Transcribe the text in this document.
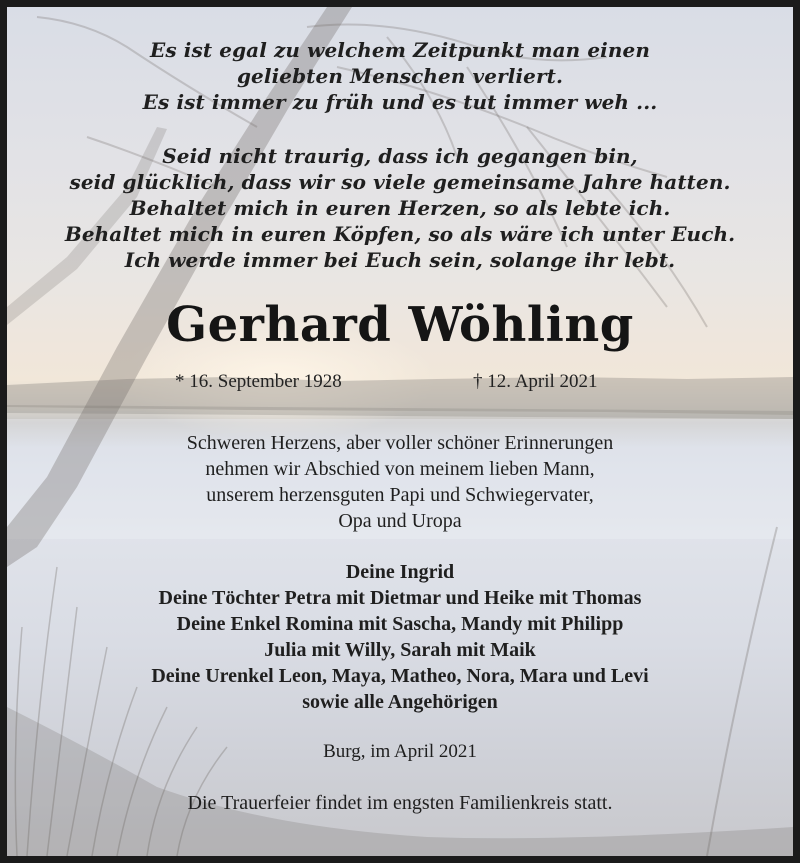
Es ist egal zu welchem Zeitpunkt man einen
geliebten Menschen verliert.
Es ist immer zu früh und es tut immer weh ...
Seid nicht traurig, dass ich gegangen bin,
seid glücklich, dass wir so viele gemeinsame Jahre hatten.
Behaltet mich in euren Herzen, so als lebte ich.
Behaltet mich in euren Köpfen, so als wäre ich unter Euch.
Ich werde immer bei Euch sein, solange ihr lebt.
Gerhard Wöhling
* 16. September 1928	† 12. April 2021
Schweren Herzens, aber voller schöner Erinnerungen
nehmen wir Abschied von meinem lieben Mann,
unserem herzensguten Papi und Schwiegervater,
Opa und Uropa
Deine Ingrid
Deine Töchter Petra mit Dietmar und Heike mit Thomas
Deine Enkel Romina mit Sascha, Mandy mit Philipp
Julia mit Willy, Sarah mit Maik
Deine Urenkel Leon, Maya, Matheo, Nora, Mara und Levi
sowie alle Angehörigen
Burg, im April 2021
Die Trauerfeier findet im engsten Familienkreis statt.
